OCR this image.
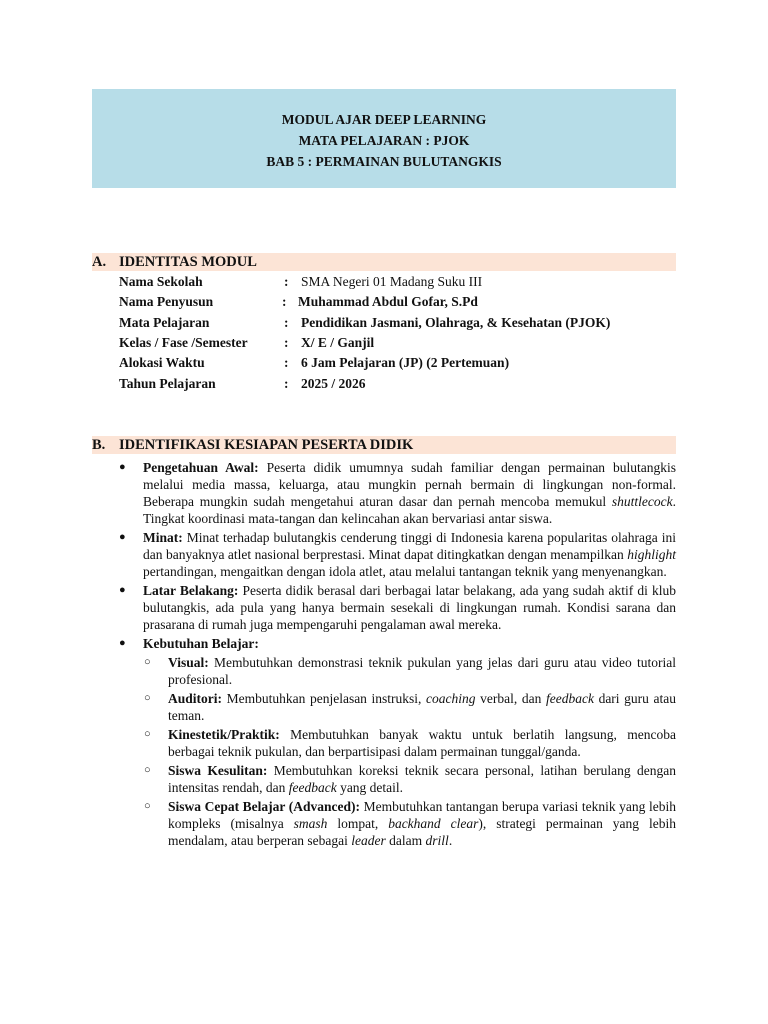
MODUL AJAR DEEP LEARNING
MATA PELAJARAN : PJOK
BAB 5 : PERMAINAN BULUTANGKIS
A. IDENTITAS MODUL
Nama Sekolah	: SMA Negeri 01 Madang Suku III
Nama Penyusun	: Muhammad Abdul Gofar, S.Pd
Mata Pelajaran	: Pendidikan Jasmani, Olahraga, & Kesehatan (PJOK)
Kelas / Fase /Semester	: X/ E / Ganjil
Alokasi Waktu	: 6 Jam Pelajaran (JP) (2 Pertemuan)
Tahun Pelajaran	: 2025 / 2026
B. IDENTIFIKASI KESIAPAN PESERTA DIDIK
● Pengetahuan Awal: Peserta didik umumnya sudah familiar dengan permainan bulutangkis melalui media massa, keluarga, atau mungkin pernah bermain di lingkungan non-formal. Beberapa mungkin sudah mengetahui aturan dasar dan pernah mencoba memukul shuttlecock. Tingkat koordinasi mata-tangan dan kelincahan akan bervariasi antar siswa.
● Minat: Minat terhadap bulutangkis cenderung tinggi di Indonesia karena popularitas olahraga ini dan banyaknya atlet nasional berprestasi. Minat dapat ditingkatkan dengan menampilkan highlight pertandingan, mengaitkan dengan idola atlet, atau melalui tantangan teknik yang menyenangkan.
● Latar Belakang: Peserta didik berasal dari berbagai latar belakang, ada yang sudah aktif di klub bulutangkis, ada pula yang hanya bermain sesekali di lingkungan rumah. Kondisi sarana dan prasarana di rumah juga mempengaruhi pengalaman awal mereka.
● Kebutuhan Belajar:
○ Visual: Membutuhkan demonstrasi teknik pukulan yang jelas dari guru atau video tutorial profesional.
○ Auditori: Membutuhkan penjelasan instruksi, coaching verbal, dan feedback dari guru atau teman.
○ Kinestetik/Praktik: Membutuhkan banyak waktu untuk berlatih langsung, mencoba berbagai teknik pukulan, dan berpartisipasi dalam permainan tunggal/ganda.
○ Siswa Kesulitan: Membutuhkan koreksi teknik secara personal, latihan berulang dengan intensitas rendah, dan feedback yang detail.
○ Siswa Cepat Belajar (Advanced): Membutuhkan tantangan berupa variasi teknik yang lebih kompleks (misalnya smash lompat, backhand clear), strategi permainan yang lebih mendalam, atau berperan sebagai leader dalam drill.
